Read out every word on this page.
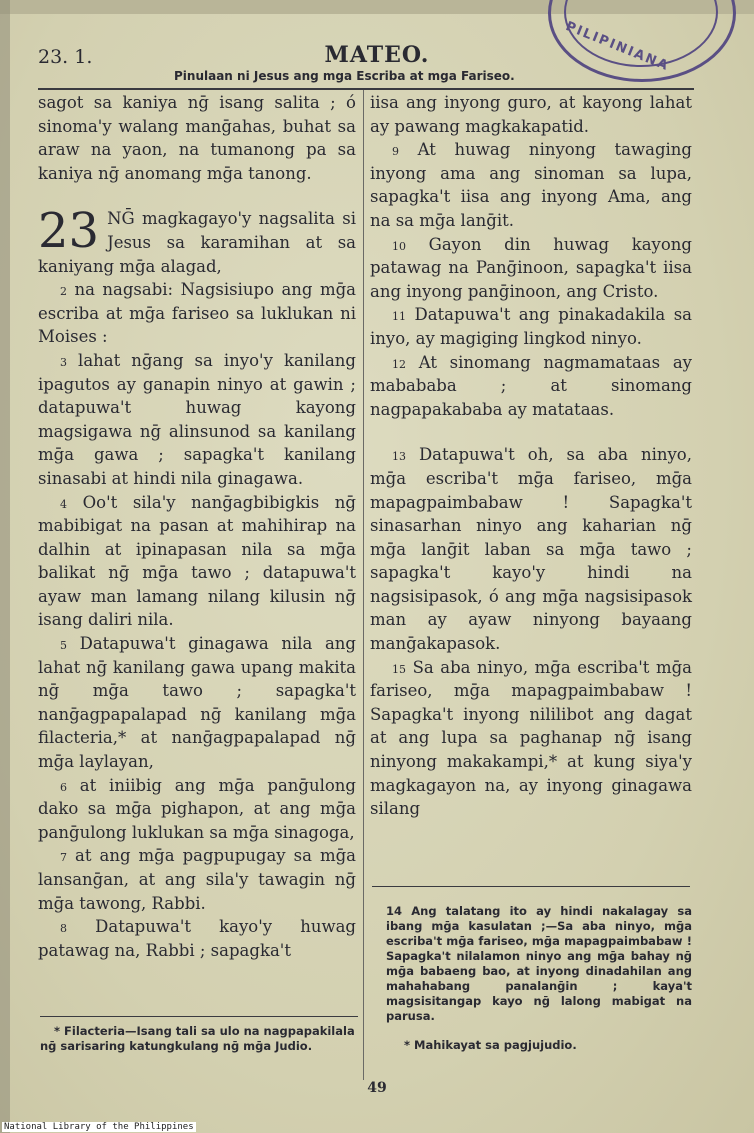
PILIPINIANA
23. 1.	MATEO.
Pinulaan ni Jesus ang mga Escriba at mga Fariseo.

sagot sa kaniya nḡ isang salita ; ó sinoma'y walang manḡahas, buhat sa araw na yaon, na tumanong pa sa kaniya nḡ anomang mḡa tanong.

23 NḠ magkagayo'y nagsalita si Jesus sa karamihan at sa kaniyang mḡa alagad,

$^2$ na nagsabi: Nagsisiupo ang mḡa escriba at mḡa fariseo sa luklukan ni Moises :

$^3$ lahat nḡang sa inyo'y kanilang ipagutos ay ganapin ninyo at gawin ; datapuwa't huwag kayong magsigawa nḡ alinsunod sa kanilang mḡa gawa ; sapagka't kanilang sinasabi at hindi nila ginagawa.

$^4$ Oo't sila'y nanḡagbibigkis nḡ mabibigat na pasan at mahihirap na dalhin at ipinapasan nila sa mḡa balikat nḡ mḡa tawo ; datapuwa't ayaw man lamang nilang kilusin nḡ isang daliri nila.

$^5$ Datapuwa't ginagawa nila ang lahat nḡ kanilang gawa upang makita nḡ mḡa tawo ; sapagka't nanḡagpapalapad nḡ kanilang mḡa filacteria,* at nanḡagpapalapad nḡ mḡa laylayan,

$^6$ at iniibig ang mḡa panḡulong dako sa mḡa pighapon, at ang mḡa panḡulong luklukan sa mḡa sinagoga,

$^7$ at ang mḡa pagpupugay sa mḡa lansanḡan, at ang sila'y tawagin nḡ mḡa tawong, Rabbi.

$^8$ Datapuwa't kayo'y huwag patawag na, Rabbi ; sapagka't

iisa ang inyong guro, at kayong lahat ay pawang magkakapatid.

$^9$ At huwag ninyong tawaging inyong ama ang sinoman sa lupa, sapagka't iisa ang inyong Ama, ang na sa mḡa lanḡit.

$^{10}$ Gayon din huwag kayong patawag na Panḡinoon, sapagka't iisa ang inyong panḡinoon, ang Cristo.

$^{11}$ Datapuwa't ang pinakadakila sa inyo, ay magiging lingkod ninyo.

$^{12}$ At sinomang nagmamataas ay mabababa ; at sinomang nagpapakababa ay matataas.

$^{13}$ Datapuwa't oh, sa aba ninyo, mḡa escriba't mḡa fariseo, mḡa mapagpaimbabaw ! Sapagka't sinasarhan ninyo ang kaharian nḡ mḡa lanḡit laban sa mḡa tawo ; sapagka't kayo'y hindi na nagsisipasok, ó ang mḡa nagsisipasok man ay ayaw ninyong bayaang manḡakapasok.

$^{15}$ Sa aba ninyo, mḡa escriba't mḡa fariseo, mḡa mapagpaimbabaw ! Sapagka't inyong nililibot ang dagat at ang lupa sa paghanap nḡ isang ninyong makakampi,* at kung siya'y magkagayon na, ay inyong ginagawa silang

14 Ang talatang ito ay hindi nakalagay sa ibang mḡa kasulatan ;—Sa aba ninyo, mḡa escriba't mḡa fariseo, mḡa mapagpaimbabaw ! Sapagka't nilalamon ninyo ang mḡa bahay nḡ mḡa babaeng bao, at inyong dinadahilan ang mahahabang panalanḡin ; kaya't magsisitangap kayo nḡ lalong mabigat na parusa.
* Mahikayat sa pagjujudio.
* Filacteria—Isang tali sa ulo na nagpapakilala nḡ sarisaring katungkulang nḡ mḡa Judio.
49
National Library of the Philippines
